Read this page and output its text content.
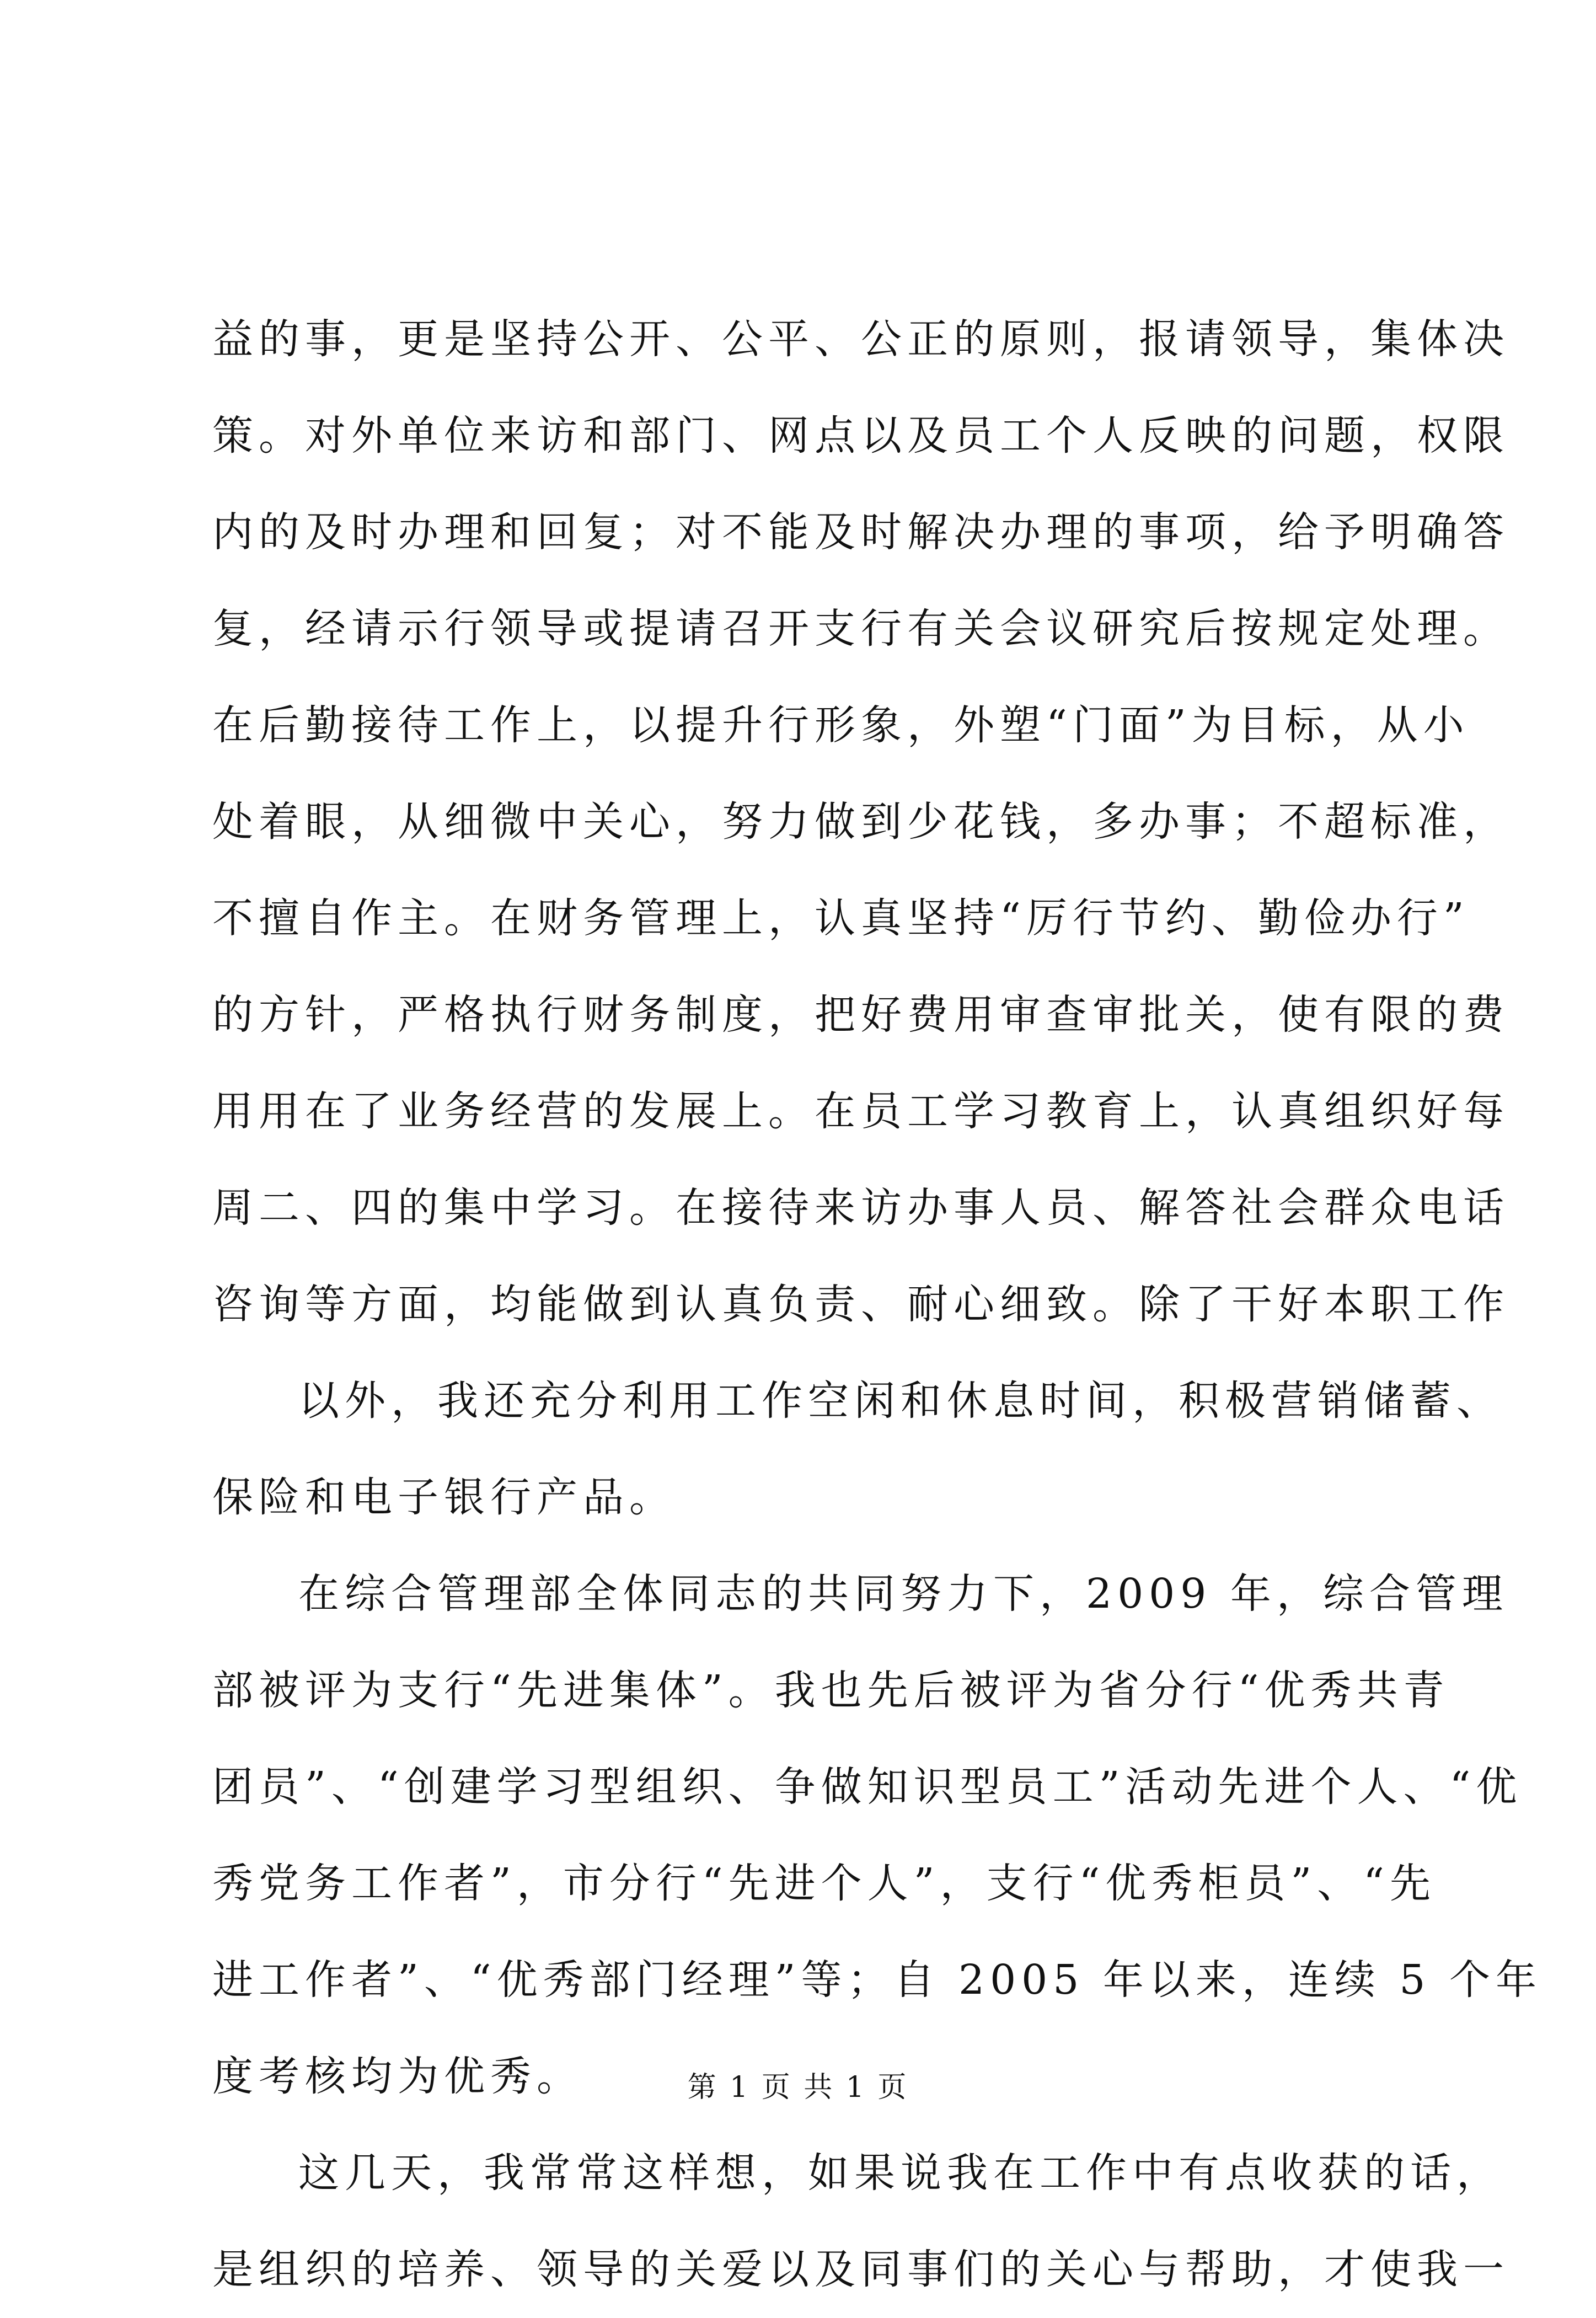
益的事，更是坚持公开、公平、公正的原则，报请领导，集体决
策。对外单位来访和部门、网点以及员工个人反映的问题，权限
内的及时办理和回复；对不能及时解决办理的事项，给予明确答
复，经请示行领导或提请召开支行有关会议研究后按规定处理。
在后勤接待工作上，以提升行形象，外塑“门面”为目标，从小
处着眼，从细微中关心，努力做到少花钱，多办事；不超标准，
不擅自作主。在财务管理上，认真坚持“厉行节约、勤俭办行”
的方针，严格执行财务制度，把好费用审查审批关，使有限的费
用用在了业务经营的发展上。在员工学习教育上，认真组织好每
周二、四的集中学习。在接待来访办事人员、解答社会群众电话
咨询等方面，均能做到认真负责、耐心细致。除了干好本职工作
以外，我还充分利用工作空闲和休息时间，积极营销储蓄、
保险和电子银行产品。
在综合管理部全体同志的共同努力下，2009 年，综合管理
部被评为支行“先进集体”。我也先后被评为省分行“优秀共青
团员”、“创建学习型组织、争做知识型员工”活动先进个人、“优
秀党务工作者”，市分行“先进个人”，支行“优秀柜员”、“先
进工作者”、“优秀部门经理”等；自 2005 年以来，连续 5 个年
度考核均为优秀。
这几天，我常常这样想，如果说我在工作中有点收获的话，
是组织的培养、领导的关爱以及同事们的关心与帮助，才使我一
第 1 页 共 1 页
